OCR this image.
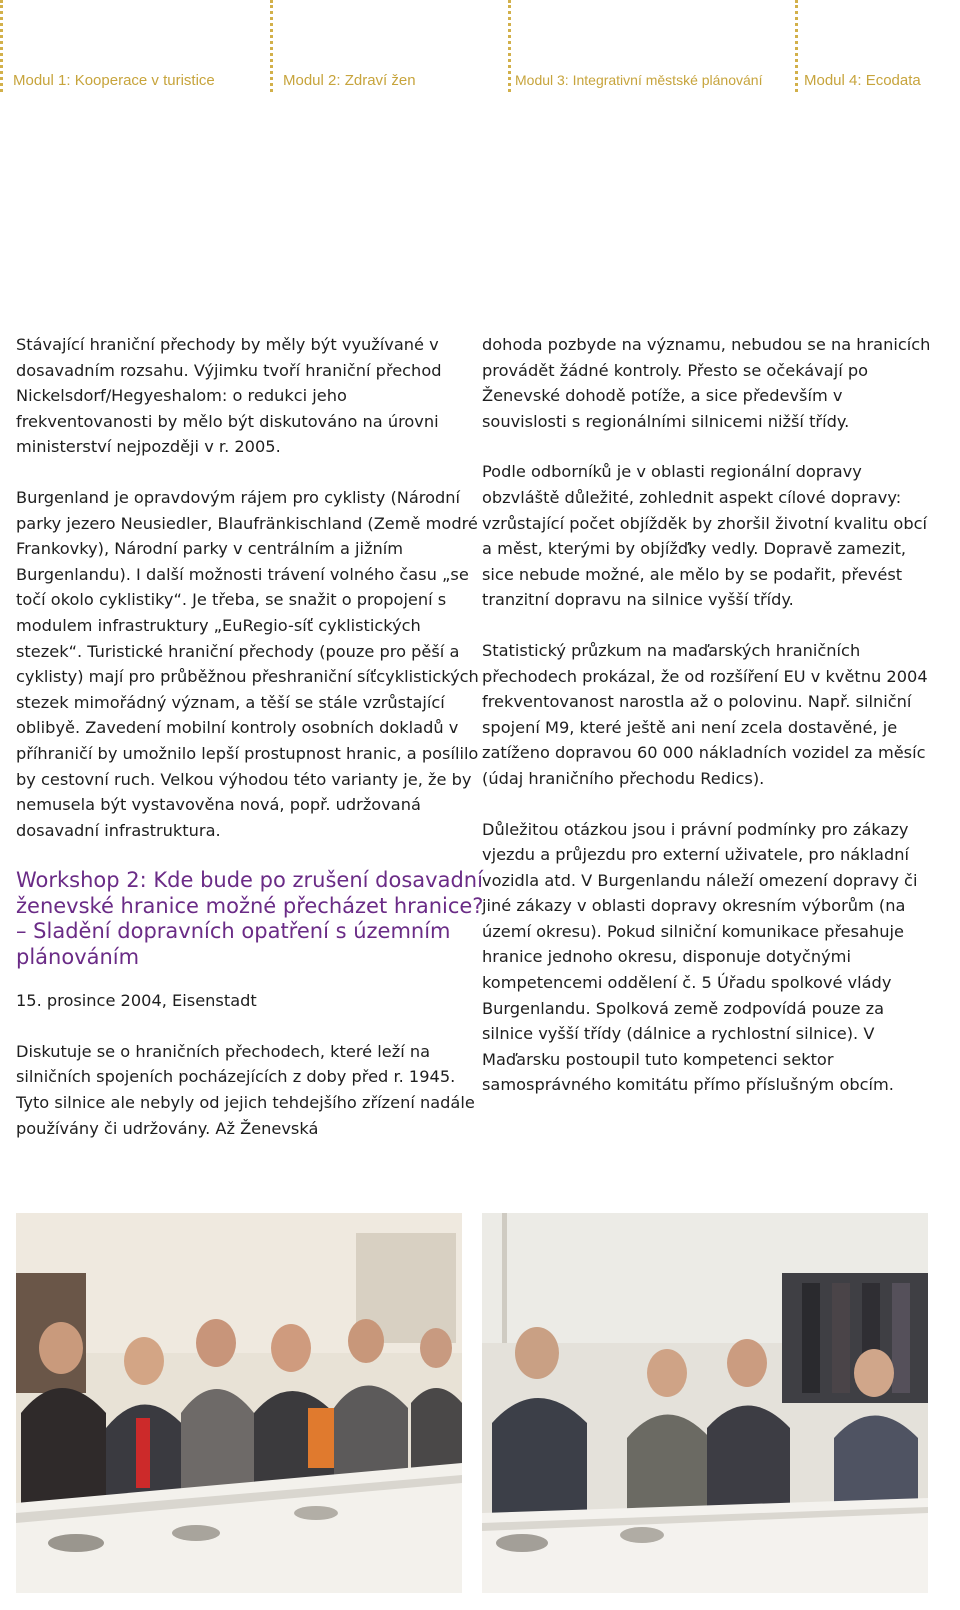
Modul 1: Kooperace v turistice	Modul 2: Zdraví žen	Modul 3: Integrativní městské plánování	Modul 4: Ecodata

Stávající hraniční přechody by měly být využívané v dosavadním rozsahu. Výjimku tvoří hraniční přechod Nickelsdorf/Hegyeshalom: o redukci jeho frekventovanosti by mělo být diskutováno na úrovni ministerství nejpozději v r. 2005.

Burgenland je opravdovým rájem pro cyklisty (Národní parky jezero Neusiedler, Blaufränkischland (Země modré Frankovky), Národní parky v centrálním a jižním Burgenlandu). I další možnosti trávení volného času „se točí okolo cyklistiky“. Je třeba, se snažit o propojení s modulem infrastruktury „EuRegio-síť cyklistických stezek“. Turistické hraniční přechody (pouze pro pěší a cyklisty) mají pro průběžnou přeshraniční síťcyklistických stezek mimořádný význam, a těší se stále vzrůstající oblibyě. Zavedení mobilní kontroly osobních dokladů v příhraničí by umožnilo lepší prostupnost hranic, a posílilo by cestovní ruch. Velkou výhodou této varianty je, že by nemusela být vystavověna nová, popř. udržovaná dosavadní infrastruktura.

Workshop 2: Kde bude po zrušení dosavadní ženevské hranice možné přecházet hranice? – Sladění dopravních opatření s územním plánováním

15. prosince 2004, Eisenstadt

Diskutuje se o hraničních přechodech, které leží na silničních spojeních pocházejících z doby před r. 1945. Tyto silnice ale nebyly od jejich tehdejšího zřízení nadále používány či udržovány. Až Ženevská

dohoda pozbyde na významu, nebudou se na hranicích provádět žádné kontroly. Přesto se očekávají po Ženevské dohodě potíže, a sice především v souvislosti s regionálními silnicemi nižší třídy.

Podle odborníků je v oblasti regionální dopravy obzvláště důležité, zohlednit aspekt cílové dopravy: vzrůstající počet objížděk by zhoršil životní kvalitu obcí a měst, kterými by objížďky vedly. Dopravě zamezit, sice nebude možné, ale mělo by se podařit, převést tranzitní dopravu na silnice vyšší třídy.

Statistický průzkum na maďarských hraničních přechodech prokázal, že od rozšíření EU v květnu 2004 frekventovanost narostla až o polovinu. Např. silniční spojení M9, které ještě ani není zcela dostavěné, je zatíženo dopravou 60 000 nákladních vozidel za měsíc (údaj hraničního přechodu Redics).

Důležitou otázkou jsou i právní podmínky pro zákazy vjezdu a průjezdu pro externí uživatele, pro nákladní vozidla atd. V Burgenlandu náleží omezení dopravy či jiné zákazy v oblasti dopravy okresním výborům (na území okresu). Pokud silniční komunikace přesahuje hranice jednoho okresu, disponuje dotyčnými kompetencemi oddělení č. 5 Úřadu spolkové vlády Burgenlandu. Spolková země zodpovídá pouze za silnice vyšší třídy (dálnice a rychlostní silnice). V Maďarsku postoupil tuto kompetenci sektor samosprávného komitátu přímo příslušným obcím.
